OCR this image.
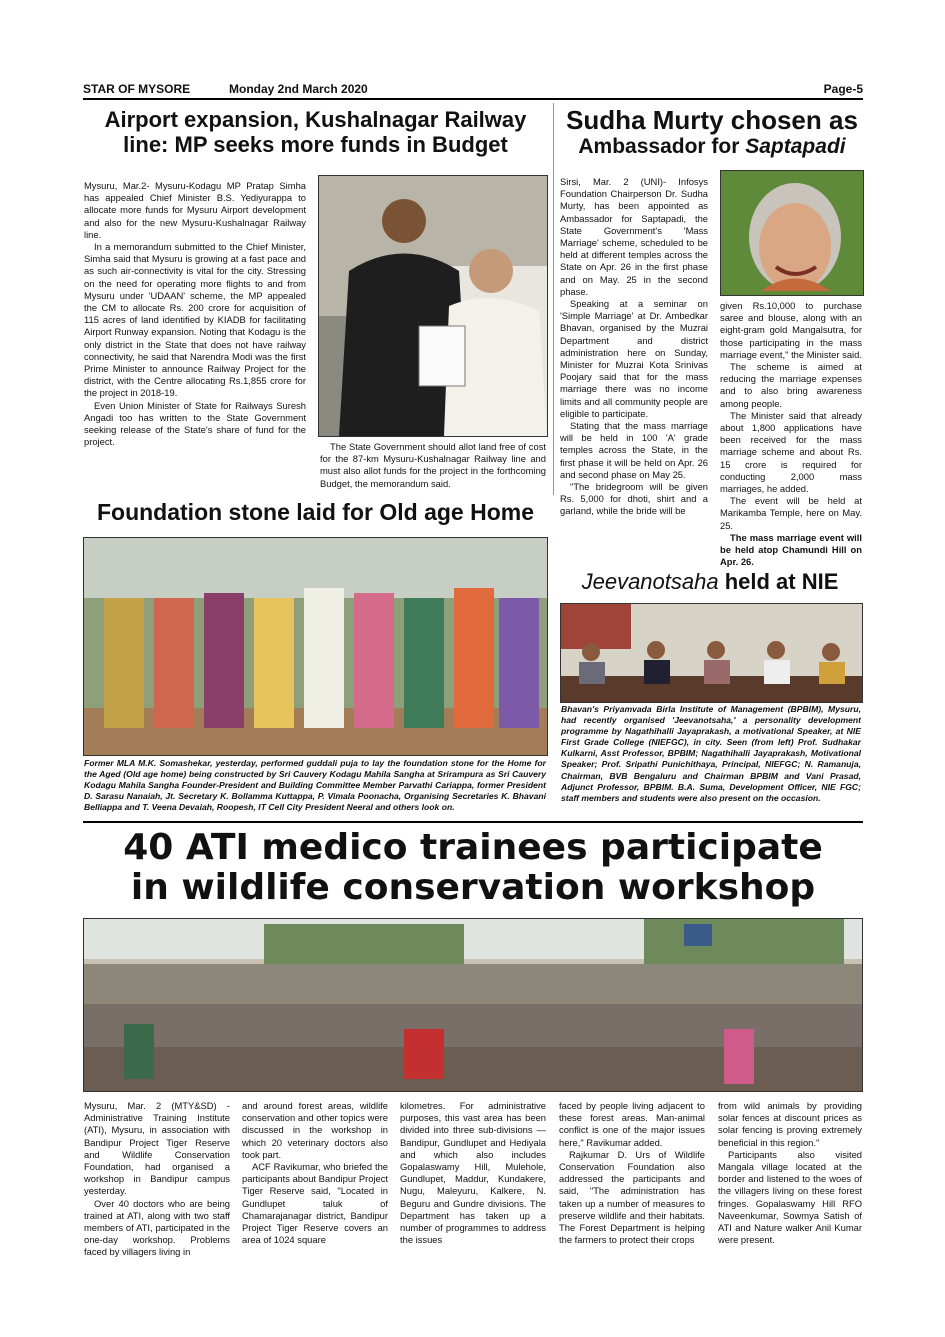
STAR OF MYSORE	Monday 2nd March 2020	Page-5

Airport expansion, Kushalnagar Railway

line: MP seeks more funds in Budget

Mysuru, Mar.2- Mysuru-Kodagu MP Pratap Simha has appealed Chief Minister B.S. Yediyurappa to allocate more funds for Mysuru Airport development and also for the new Mysuru-Kushalnagar Railway line.

In a memorandum submitted to the Chief Minister, Simha said that Mysuru is growing at a fast pace and as such air-connectivity is vital for the city. Stressing on the need for operating more flights to and from Mysuru under 'UDAAN' scheme, the MP appealed the CM to allocate Rs. 200 crore for acquisition of 115 acres of land identified by KIADB for facilitating Airport Runway expansion. Noting that Kodagu is the only district in the State that does not have railway connectivity, he said that Narendra Modi was the first Prime Minister to announce Railway Project for the district, with the Centre allocating Rs.1,855 crore for the project in 2018-19.

Even Union Minister of State for Railways Suresh Angadi too has written to the State Government seeking release of the State's share of fund for the project.	The State Government should allot land free of cost for the 87-km Mysuru-Kushalnagar Railway line and must also allot funds for the project in the forthcoming Budget, the memorandum said.

Sudha Murty chosen as

Ambassador for Saptapadi

Sirsi, Mar. 2 (UNI)- Infosys Foundation Chairperson Dr. Sudha Murty, has been appointed as Ambassador for Saptapadi, the State Government's 'Mass Marriage' scheme, scheduled to be held at different temples across the State on Apr. 26 in the first phase and on May. 25 in the second phase.

Speaking at a seminar on 'Simple Marriage' at Dr. Ambedkar Bhavan, organised by the Muzrai Department and district administration here on Sunday, Minister for Muzrai Kota Srinivas Poojary said that for the mass marriage there was no income limits and all community people are eligible to participate.

Stating that the mass marriage will be held in 100 'A' grade temples across the State, in the first phase it will be held on Apr. 26 and second phase on May 25.

"The bridegroom will be given Rs. 5,000 for dhoti, shirt and a garland, while the bride will be

given Rs.10,000 to purchase saree and blouse, along with an eight-gram gold Mangalsutra, for those participating in the mass marriage event," the Minister said.

The scheme is aimed at reducing the marriage expenses and to also bring awareness among people.

The Minister said that already about 1,800 applications have been received for the mass marriage scheme and about Rs. 15 crore is required for conducting 2,000 mass marriages, he added.

The event will be held at Marikamba Temple, here on May. 25.

The mass marriage event will be held atop Chamundi Hill on Apr. 26.

Foundation stone laid for Old age Home

Former MLA M.K. Somashekar, yesterday, performed guddali puja to lay the foundation stone for the Home for the Aged (Old age home) being constructed by Sri Cauvery Kodagu Mahila Sangha at Srirampura as Sri Cauvery Kodagu Mahila Sangha Founder-President and Building Committee Member Parvathi Cariappa, former President D. Sarasu Nanaiah, Jt. Secretary K. Bollamma Kuttappa, P. Vimala Poonacha, Organising Secretaries K. Bhavani Belliappa and T. Veena Devaiah, Roopesh, IT Cell City President Neeral and others look on.

Jeevanotsaha held at NIE

Bhavan's Priyamvada Birla Institute of Management (BPBIM), Mysuru, had recently organised 'Jeevanotsaha,' a personality development programme by Nagathihalli Jayaprakash, a motivational Speaker, at NIE First Grade College (NIEFGC), in city. Seen (from left) Prof. Sudhakar Kulkarni, Asst Professor, BPBIM; Nagathihalli Jayaprakash, Motivational Speaker; Prof. Sripathi Punichithaya, Principal, NIEFGC; N. Ramanuja, Chairman, BVB Bengaluru and Chairman BPBIM and Vani Prasad, Adjunct Professor, BPBIM. B.A. Suma, Development Officer, NIE FGC; staff members and students were also present on the occasion.

40 ATI medico trainees participate

in wildlife conservation workshop

Mysuru, Mar. 2 (MTY&SD) - Administrative Training Institute (ATI), Mysuru, in association with Bandipur Project Tiger Reserve and Wildlife Conservation Foundation, had organised a workshop in Bandipur campus yesterday.

Over 40 doctors who are being trained at ATI, along with two staff members of ATI, participated in the one-day workshop. Problems faced by villagers living in

and around forest areas, wildlife conservation and other topics were discussed in the workshop in which 20 veterinary doctors also took part.

ACF Ravikumar, who briefed the participants about Bandipur Project Tiger Reserve said, "Located in Gundlupet taluk of Chamarajanagar district, Bandipur Project Tiger Reserve covers an area of 1024 square

kilometres. For administrative purposes, this vast area has been divided into three sub-divisions — Bandipur, Gundlupet and Hediyala and which also includes Gopalaswamy Hill, Mulehole, Gundlupet, Maddur, Kundakere, Nugu, Maleyuru, Kalkere, N. Beguru and Gundre divisions. The Department has taken up a number of programmes to address the issues

faced by people living adjacent to these forest areas. Man-animal conflict is one of the major issues here," Ravikumar added.

Rajkumar D. Urs of Wildlife Conservation Foundation also addressed the participants and said, "The administration has taken up a number of measures to preserve wildlife and their habitats. The Forest Department is helping the farmers to protect their crops

from wild animals by providing solar fences at discount prices as solar fencing is proving extremely beneficial in this region."

Participants also visited Mangala village located at the border and listened to the woes of the villagers living on these forest fringes. Gopalaswamy Hill RFO Naveenkumar, Sowmya Satish of ATI and Nature walker Anil Kumar were present.
